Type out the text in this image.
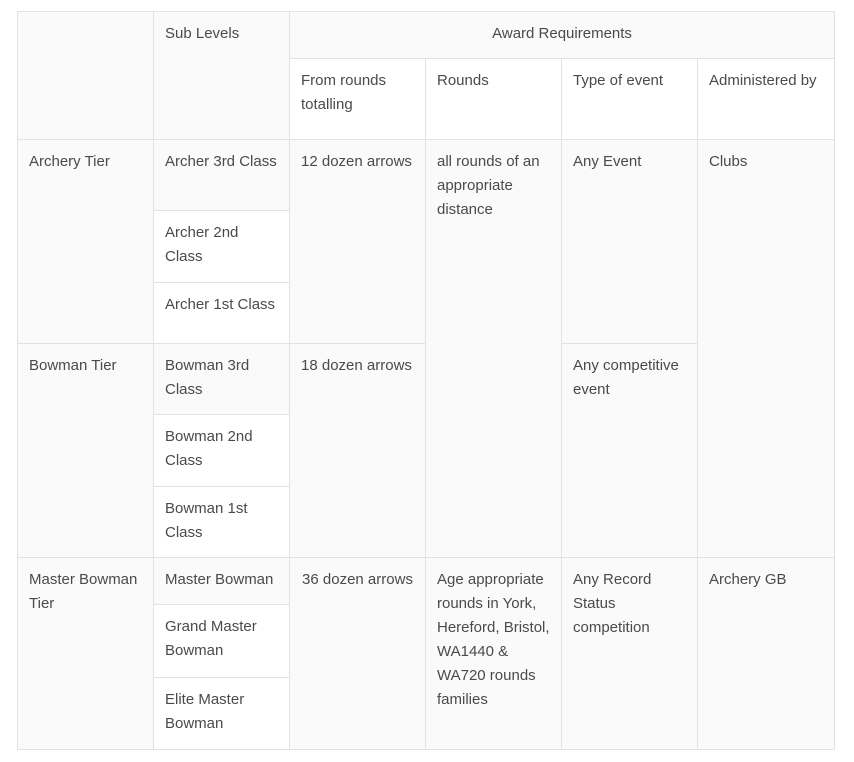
	Sub Levels	Award Requirements			
		From rounds totalling	Rounds	Type of event	Administered by
Archery Tier	Archer 3rd Class	12 dozen arrows	all rounds of an appropriate distance	Any Event	Clubs
	Archer 2nd Class				
	Archer 1st Class				
Bowman Tier	Bowman 3rd Class	18 dozen arrows		Any competitive event	
	Bowman 2nd Class				
	Bowman 1st Class				
Master Bowman Tier	Master Bowman	36 dozen arrows	Age appropriate rounds in York, Hereford, Bristol, WA1440 & WA720 rounds families	Any Record Status competition	Archery GB
	Grand Master Bowman				
	Elite Master Bowman				
